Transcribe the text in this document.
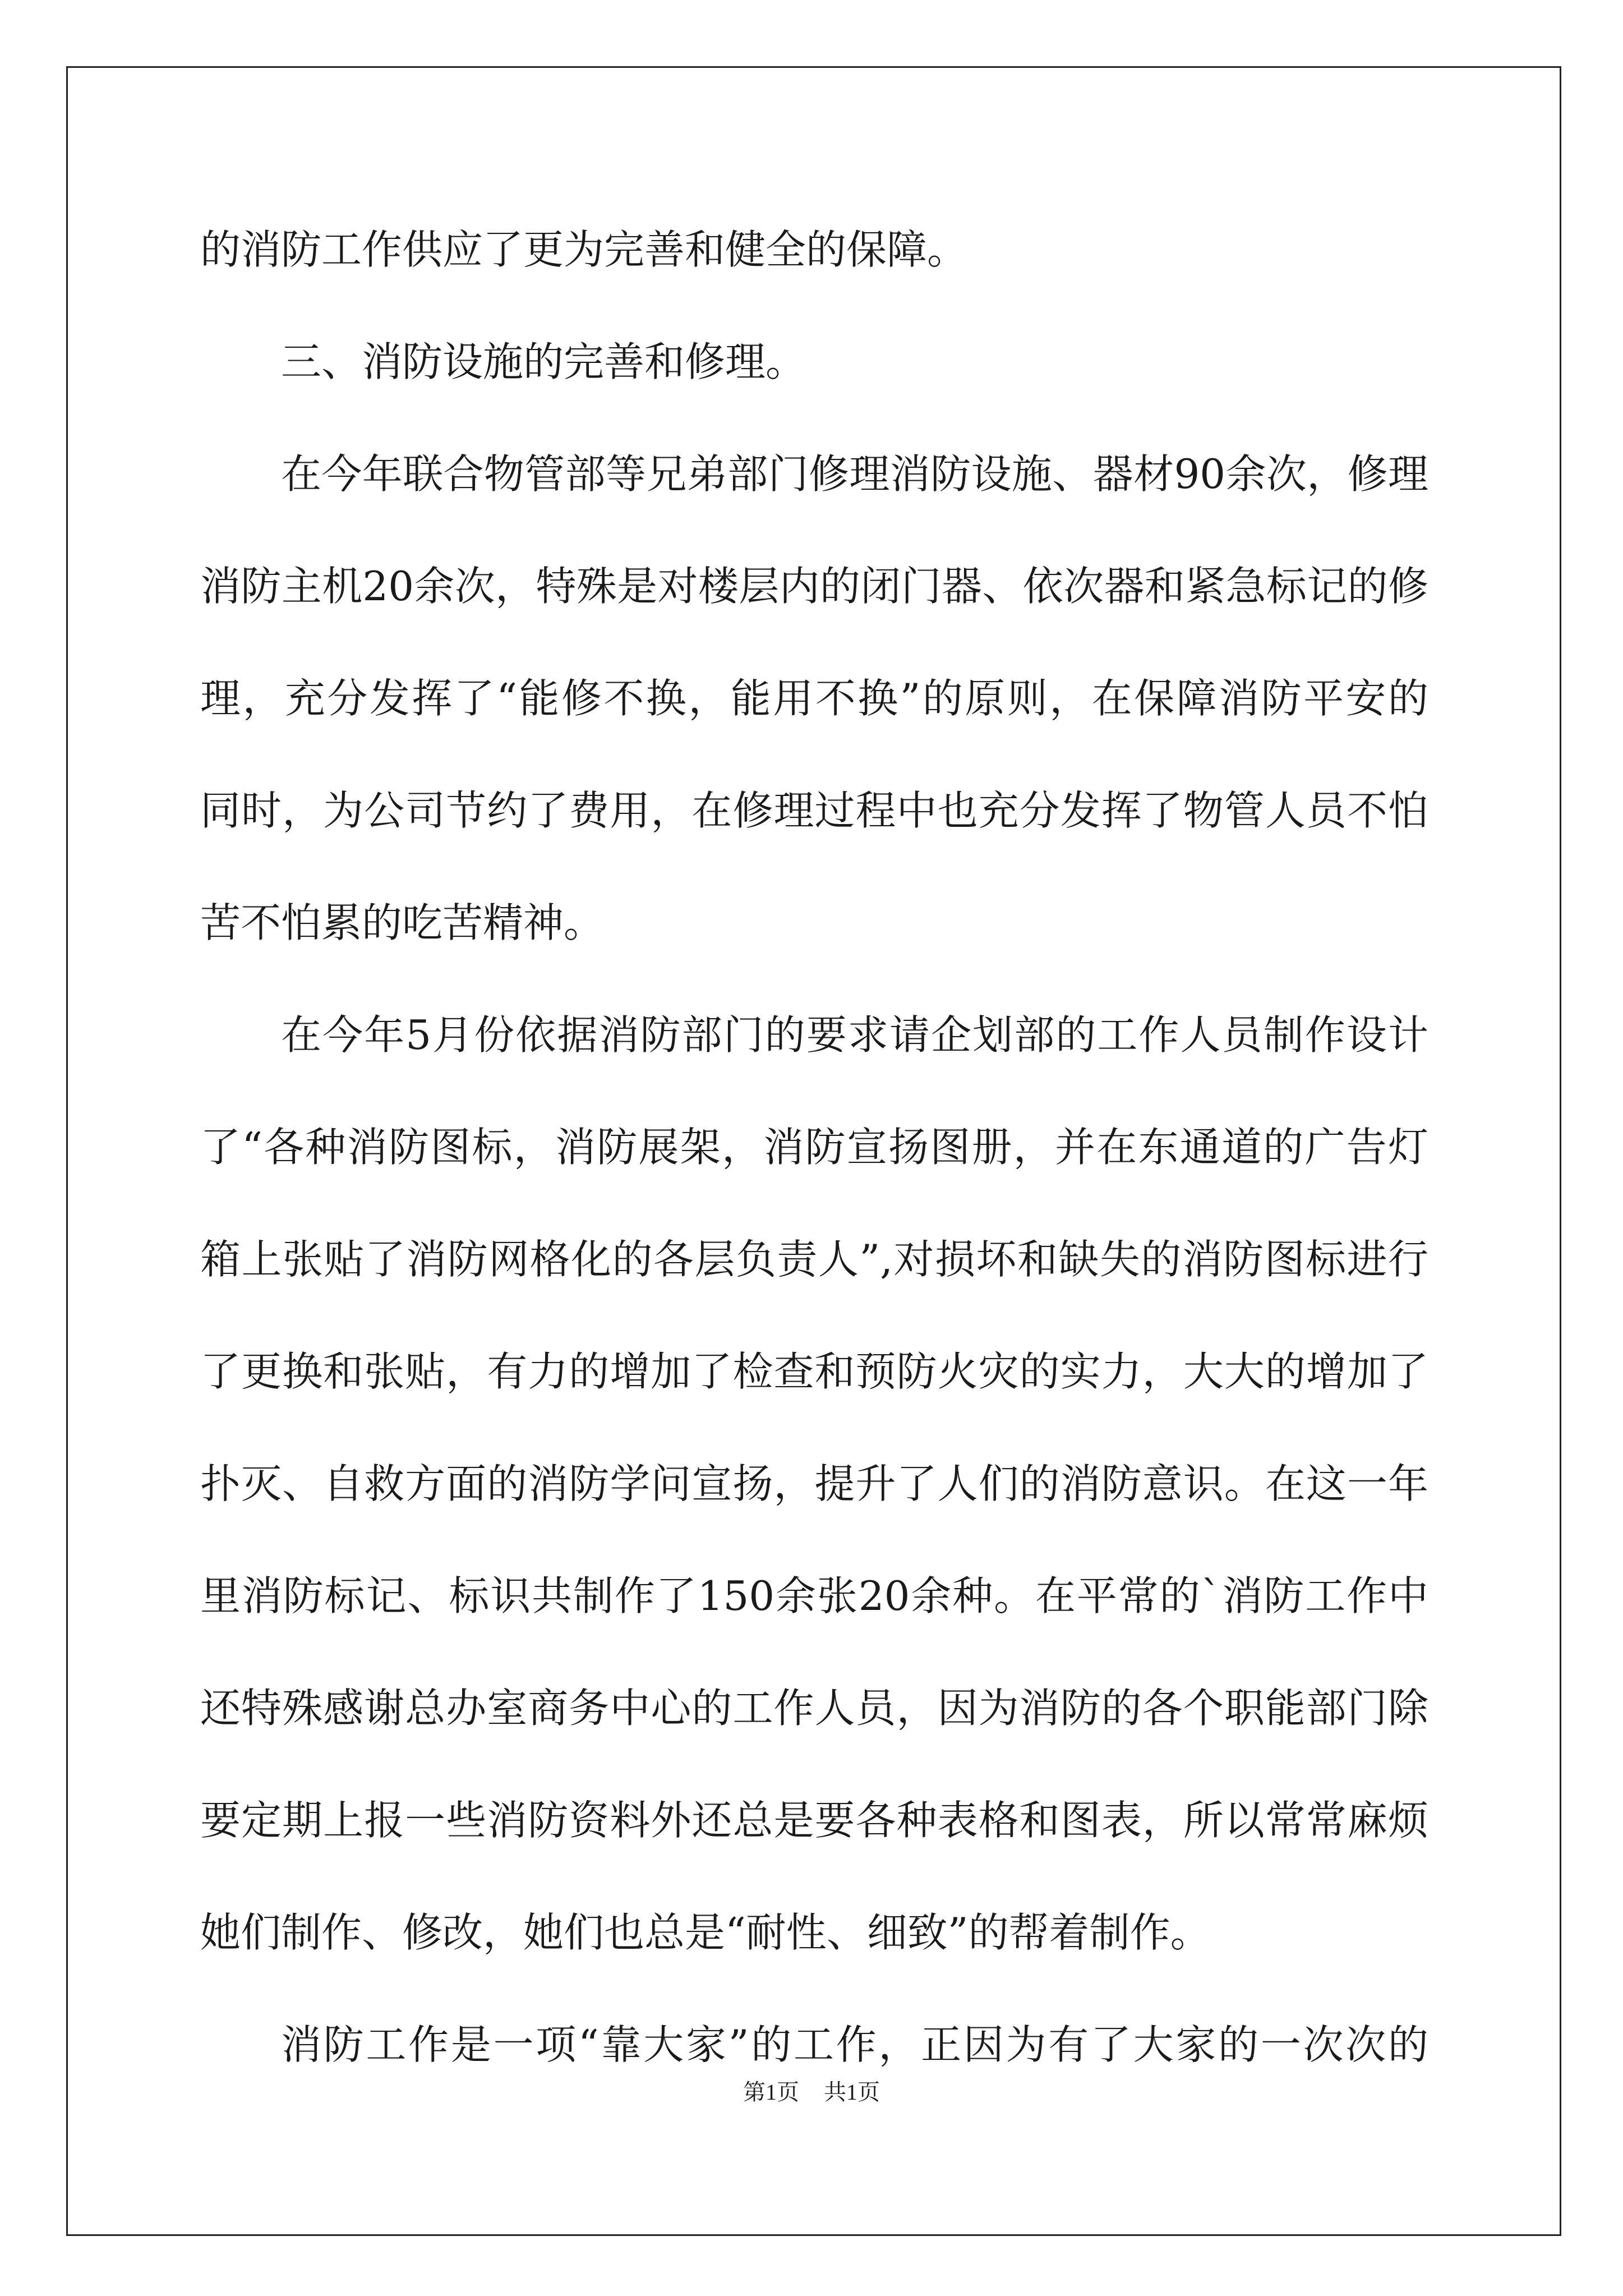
的消防工作供应了更为完善和健全的保障。
三、消防设施的完善和修理。
在今年联合物管部等兄弟部门修理消防设施、器材90余次，修理
消防主机20余次，特殊是对楼层内的闭门器、依次器和紧急标记的修
理，充分发挥了“能修不换，能用不换”的原则，在保障消防平安的
同时，为公司节约了费用，在修理过程中也充分发挥了物管人员不怕
苦不怕累的吃苦精神。
在今年5月份依据消防部门的要求请企划部的工作人员制作设计
了“各种消防图标，消防展架，消防宣扬图册，并在东通道的广告灯
箱上张贴了消防网格化的各层负责人”,对损坏和缺失的消防图标进行
了更换和张贴，有力的增加了检查和预防火灾的实力，大大的增加了
扑灭、自救方面的消防学问宣扬，提升了人们的消防意识。在这一年
里消防标记、标识共制作了150余张20余种。在平常的`消防工作中
还特殊感谢总办室商务中心的工作人员，因为消防的各个职能部门除
要定期上报一些消防资料外还总是要各种表格和图表，所以常常麻烦
她们制作、修改，她们也总是“耐性、细致”的帮着制作。
消防工作是一项“靠大家”的工作，正因为有了大家的一次次的
第1页 共1页
